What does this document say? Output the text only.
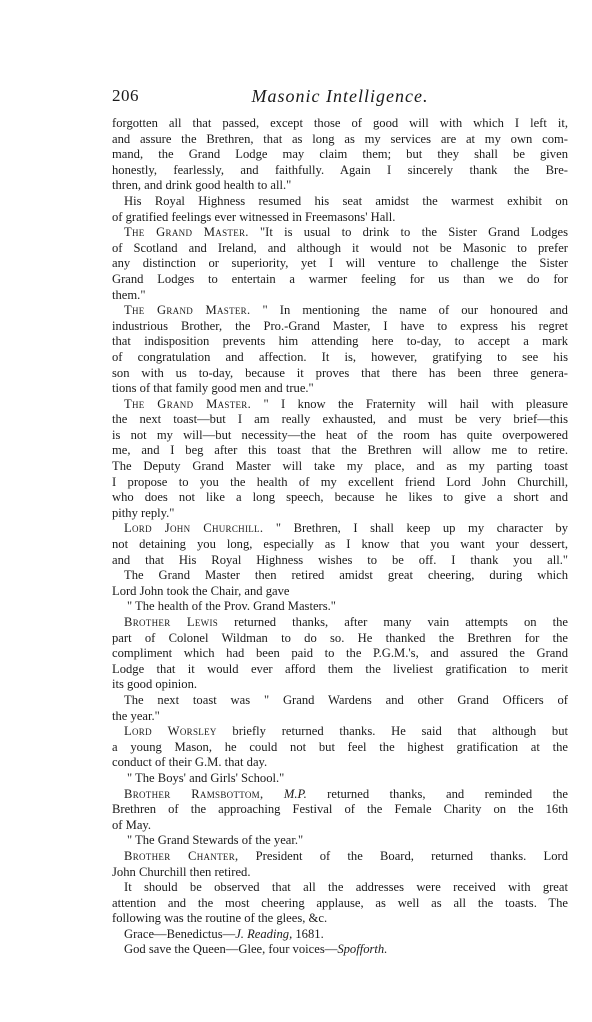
206	Masonic Intelligence.
forgotten all that passed, except those of good will with which I left it,
and assure the Brethren, that as long as my services are at my own com-
mand, the Grand Lodge may claim them; but they shall be given
honestly, fearlessly, and faithfully. Again I sincerely thank the Bre-
thren, and drink good health to all."
His Royal Highness resumed his seat amidst the warmest exhibit on
of gratified feelings ever witnessed in Freemasons' Hall.
The Grand Master. "It is usual to drink to the Sister Grand Lodges
of Scotland and Ireland, and although it would not be Masonic to prefer
any distinction or superiority, yet I will venture to challenge the Sister
Grand Lodges to entertain a warmer feeling for us than we do for
them."
The Grand Master. " In mentioning the name of our honoured and
industrious Brother, the Pro.-Grand Master, I have to express his regret
that indisposition prevents him attending here to-day, to accept a mark
of congratulation and affection. It is, however, gratifying to see his
son with us to-day, because it proves that there has been three genera-
tions of that family good men and true."
The Grand Master. " I know the Fraternity will hail with pleasure
the next toast—but I am really exhausted, and must be very brief—this
is not my will—but necessity—the heat of the room has quite overpowered
me, and I beg after this toast that the Brethren will allow me to retire.
The Deputy Grand Master will take my place, and as my parting toast
I propose to you the health of my excellent friend Lord John Churchill,
who does not like a long speech, because he likes to give a short and
pithy reply."
Lord John Churchill. " Brethren, I shall keep up my character by
not detaining you long, especially as I know that you want your dessert,
and that His Royal Highness wishes to be off. I thank you all."
The Grand Master then retired amidst great cheering, during which
Lord John took the Chair, and gave
" The health of the Prov. Grand Masters."
Brother Lewis returned thanks, after many vain attempts on the
part of Colonel Wildman to do so. He thanked the Brethren for the
compliment which had been paid to the P.G.M.'s, and assured the Grand
Lodge that it would ever afford them the liveliest gratification to merit
its good opinion.
The next toast was " Grand Wardens and other Grand Officers of
the year."
Lord Worsley briefly returned thanks. He said that although but
a young Mason, he could not but feel the highest gratification at the
conduct of their G.M. that day.
" The Boys' and Girls' School."
Brother Ramsbottom, M.P. returned thanks, and reminded the
Brethren of the approaching Festival of the Female Charity on the 16th
of May.
" The Grand Stewards of the year."
Brother Chanter, President of the Board, returned thanks. Lord
John Churchill then retired.
It should be observed that all the addresses were received with great
attention and the most cheering applause, as well as all the toasts. The
following was the routine of the glees, &c.
Grace—Benedictus—J. Reading, 1681.
God save the Queen—Glee, four voices—Spofforth.
